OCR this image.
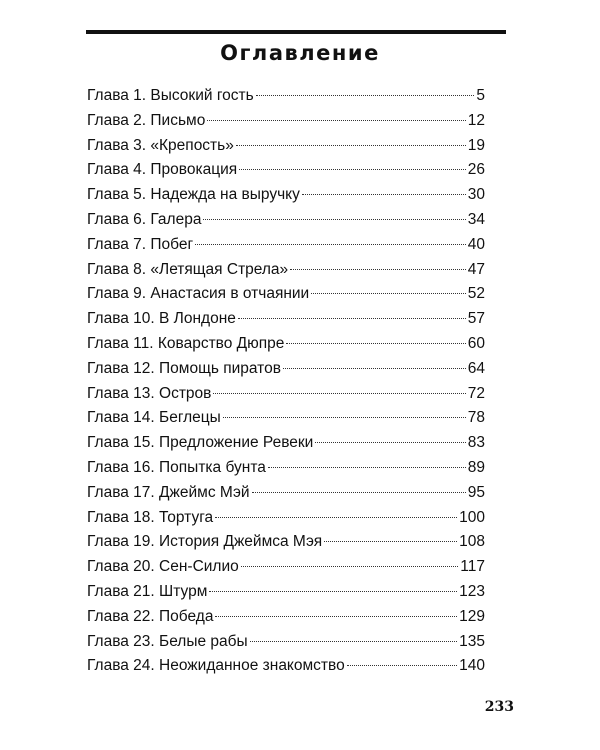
Оглавление
Глава 1. Высокий гость	5
Глава 2. Письмо	12
Глава 3. «Крепость»	19
Глава 4. Провокация	26
Глава 5. Надежда на выручку	30
Глава 6. Галера	34
Глава 7. Побег	40
Глава 8. «Летящая Стрела»	47
Глава 9. Анастасия в отчаянии	52
Глава 10. В Лондоне	57
Глава 11. Коварство Дюпре	60
Глава 12. Помощь пиратов	64
Глава 13. Остров	72
Глава 14. Беглецы	78
Глава 15. Предложение Ревеки	83
Глава 16. Попытка бунта	89
Глава 17. Джеймс Мэй	95
Глава 18. Тортуга	100
Глава 19. История Джеймса Мэя	108
Глава 20. Сен-Силио	117
Глава 21. Штурм	123
Глава 22. Победа	129
Глава 23. Белые рабы	135
Глава 24. Неожиданное знакомство	140
233
